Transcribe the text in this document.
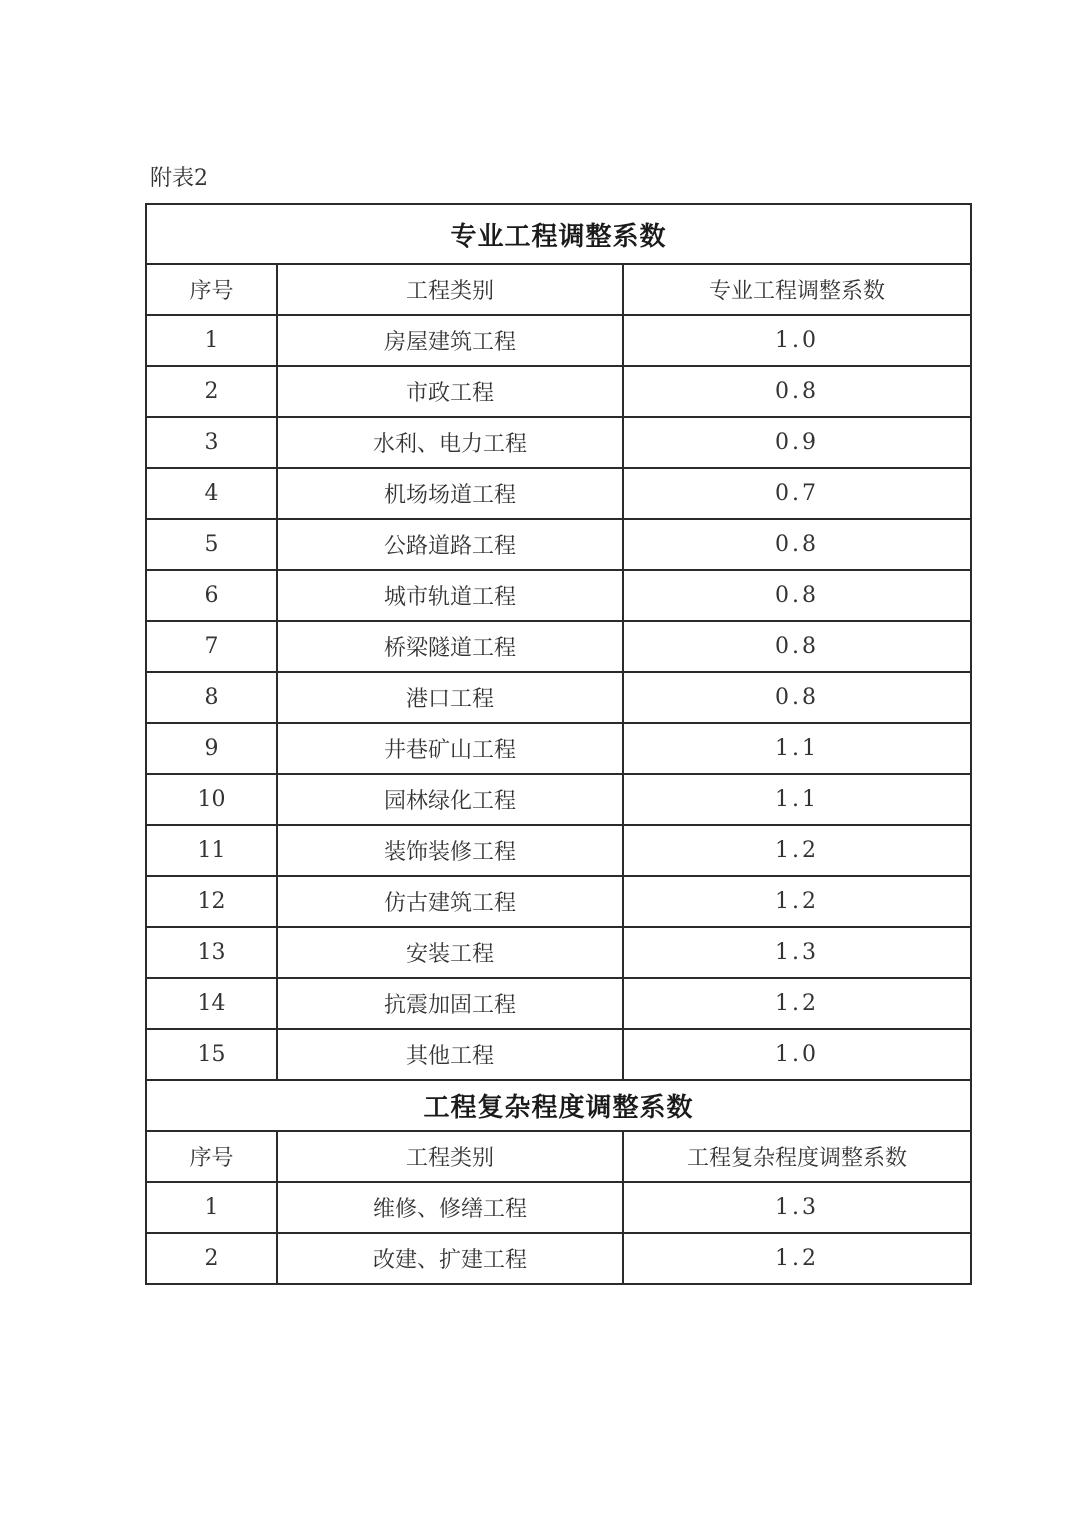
附表2
专业工程调整系数		
序号	工程类别	专业工程调整系数
1	房屋建筑工程	1.0
2	市政工程	0.8
3	水利、电力工程	0.9
4	机场场道工程	0.7
5	公路道路工程	0.8
6	城市轨道工程	0.8
7	桥梁隧道工程	0.8
8	港口工程	0.8
9	井巷矿山工程	1.1
10	园林绿化工程	1.1
11	装饰装修工程	1.2
12	仿古建筑工程	1.2
13	安装工程	1.3
14	抗震加固工程	1.2
15	其他工程	1.0
工程复杂程度调整系数		
序号	工程类别	工程复杂程度调整系数
1	维修、修缮工程	1.3
2	改建、扩建工程	1.2
